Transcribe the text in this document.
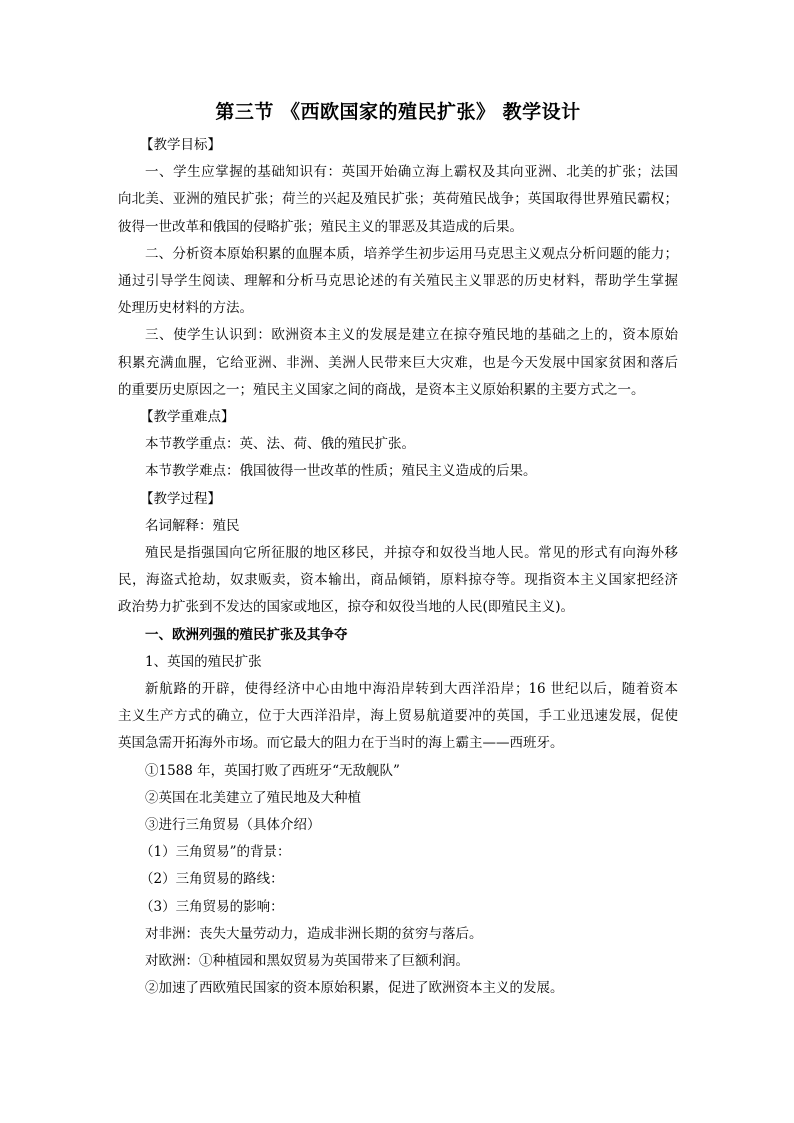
第三节 《西欧国家的殖民扩张》 教学设计

【教学目标】

一、学生应掌握的基础知识有：英国开始确立海上霸权及其向亚洲、北美的扩张；法国

向北美、亚洲的殖民扩张；荷兰的兴起及殖民扩张；英荷殖民战争；英国取得世界殖民霸权；

彼得一世改革和俄国的侵略扩张；殖民主义的罪恶及其造成的后果。

二、分析资本原始积累的血腥本质，培养学生初步运用马克思主义观点分析问题的能力；

通过引导学生阅读、理解和分析马克思论述的有关殖民主义罪恶的历史材料，帮助学生掌握

处理历史材料的方法。

三、使学生认识到：欧洲资本主义的发展是建立在掠夺殖民地的基础之上的，资本原始

积累充满血腥，它给亚洲、非洲、美洲人民带来巨大灾难，也是今天发展中国家贫困和落后

的重要历史原因之一；殖民主义国家之间的商战，是资本主义原始积累的主要方式之一。

【教学重难点】

本节教学重点：英、法、荷、俄的殖民扩张。

本节教学难点：俄国彼得一世改革的性质；殖民主义造成的后果。

【教学过程】

名词解释：殖民

殖民是指强国向它所征服的地区移民，并掠夺和奴役当地人民。常见的形式有向海外移

民，海盗式抢劫，奴隶贩卖，资本输出，商品倾销，原料掠夺等。现指资本主义国家把经济

政治势力扩张到不发达的国家或地区，掠夺和奴役当地的人民(即殖民主义)。

一、欧洲列强的殖民扩张及其争夺

1、英国的殖民扩张

新航路的开辟，使得经济中心由地中海沿岸转到大西洋沿岸；16 世纪以后，随着资本

主义生产方式的确立，位于大西洋沿岸，海上贸易航道要冲的英国，手工业迅速发展，促使

英国急需开拓海外市场。而它最大的阻力在于当时的海上霸主——西班牙。

①1588 年，英国打败了西班牙“无敌舰队”

②英国在北美建立了殖民地及大种植

③进行三角贸易（具体介绍）

（1）三角贸易”的背景：

（2）三角贸易的路线：

（3）三角贸易的影响：

对非洲：丧失大量劳动力，造成非洲长期的贫穷与落后。

对欧洲：①种植园和黑奴贸易为英国带来了巨额利润。

②加速了西欧殖民国家的资本原始积累，促进了欧洲资本主义的发展。
